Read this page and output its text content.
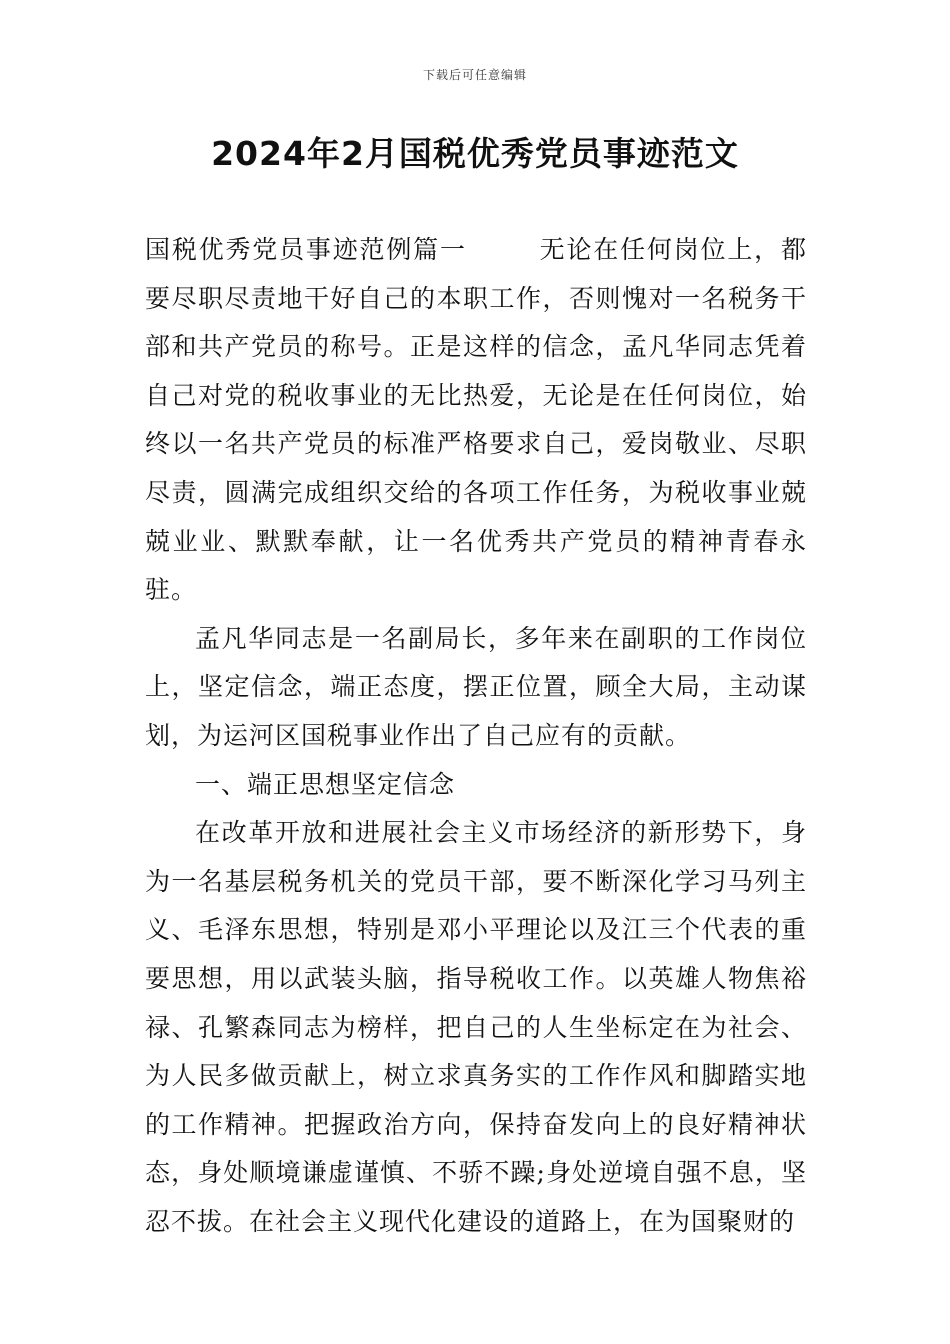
下载后可任意编辑
2024年2月国税优秀党员事迹范文

国税优秀党员事迹范例篇一	无论在任何岗位上，都要尽职尽责地干好自己的本职工作，否则愧对一名税务干部和共产党员的称号。正是这样的信念，孟凡华同志凭着自己对党的税收事业的无比热爱，无论是在任何岗位，始终以一名共产党员的标准严格要求自己，爱岗敬业、尽职尽责，圆满完成组织交给的各项工作任务，为税收事业兢兢业业、默默奉献，让一名优秀共产党员的精神青春永驻。

孟凡华同志是一名副局长，多年来在副职的工作岗位上，坚定信念，端正态度，摆正位置，顾全大局，主动谋划，为运河区国税事业作出了自己应有的贡献。

一、端正思想坚定信念

在改革开放和进展社会主义市场经济的新形势下，身为一名基层税务机关的党员干部，要不断深化学习马列主义、毛泽东思想，特别是邓小平理论以及江三个代表的重要思想，用以武装头脑，指导税收工作。以英雄人物焦裕禄、孔繁森同志为榜样，把自己的人生坐标定在为社会、为人民多做贡献上，树立求真务实的工作作风和脚踏实地的工作精神。把握政治方向，保持奋发向上的良好精神状态，身处顺境谦虚谨慎、不骄不躁;身处逆境自强不息，坚忍不拔。在社会主义现代化建设的道路上，在为国聚财的
